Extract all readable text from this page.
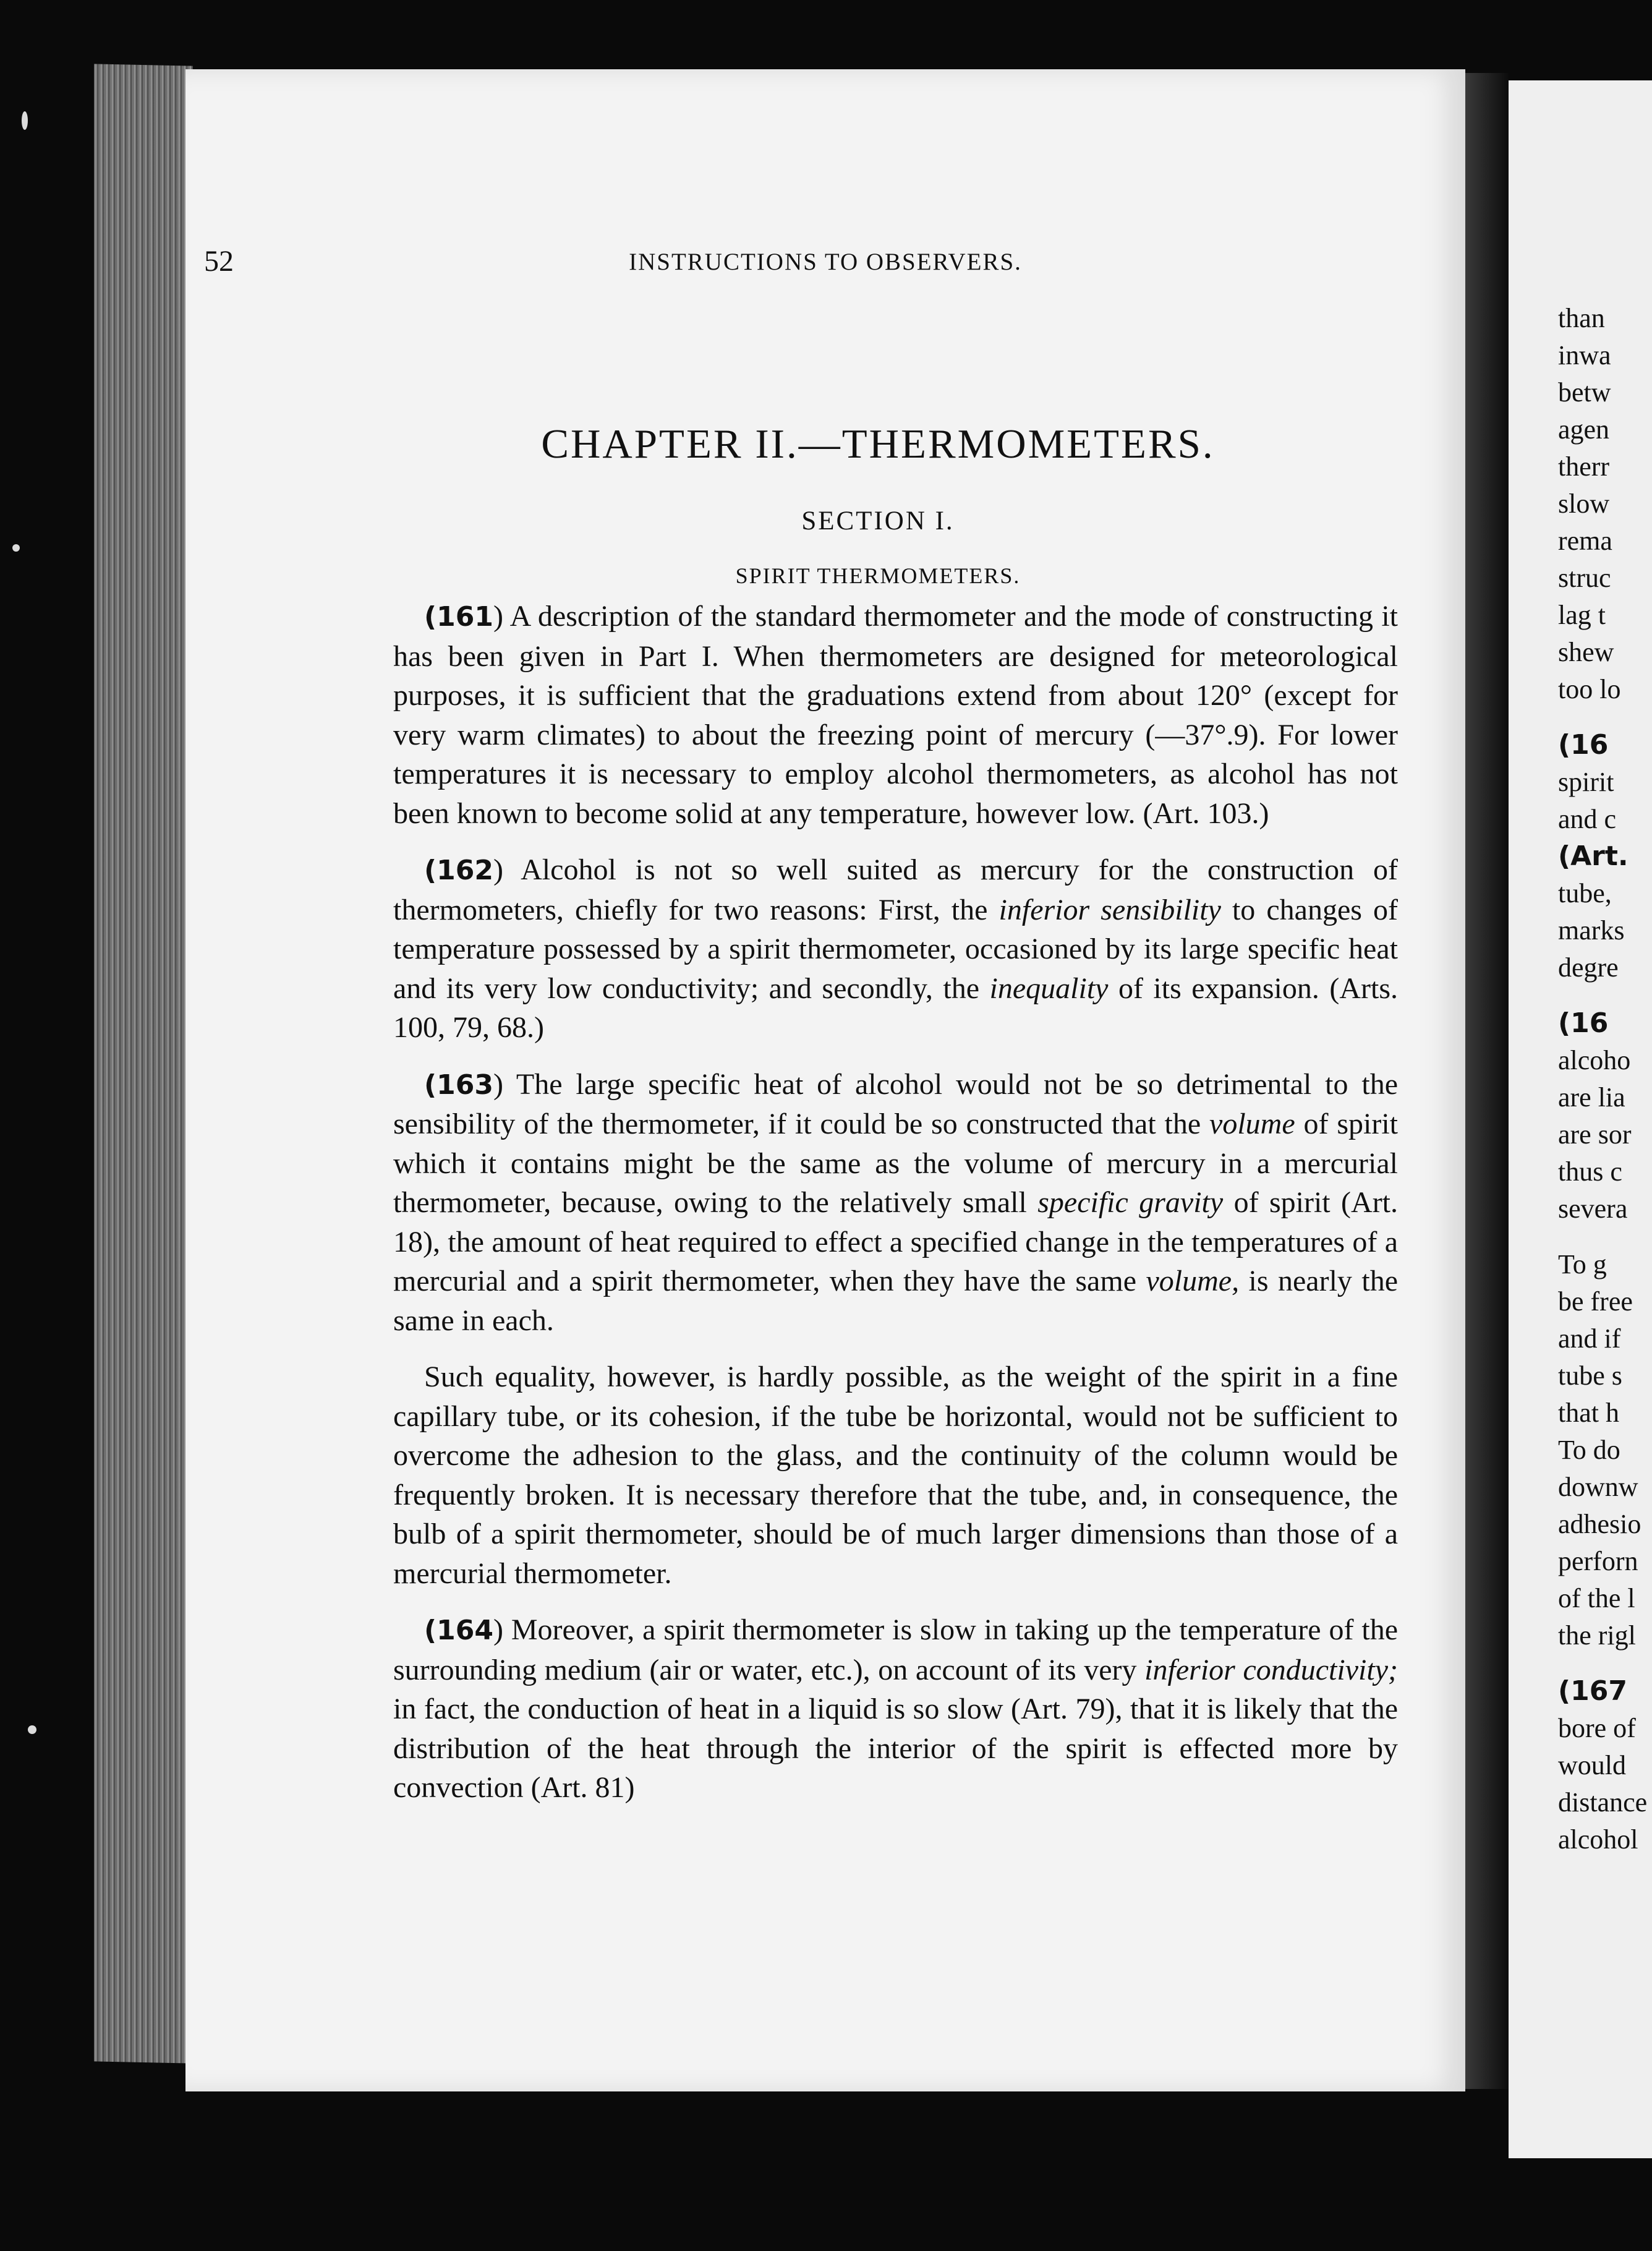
52	INSTRUCTIONS TO OBSERVERS.
CHAPTER II.—THERMOMETERS.
SECTION I.
SPIRIT THERMOMETERS.

(161) A description of the standard thermometer and the mode of constructing it has been given in Part I. When thermometers are designed for meteorological purposes, it is sufficient that the graduations extend from about 120° (except for very warm climates) to about the freezing point of mercury (—37°.9). For lower temperatures it is necessary to employ alcohol thermometers, as alcohol has not been known to become solid at any temperature, however low. (Art. 103.)

(162) Alcohol is not so well suited as mercury for the construction of thermometers, chiefly for two reasons: First, the inferior sensibility to changes of temperature possessed by a spirit thermometer, occasioned by its large specific heat and its very low conductivity; and secondly, the inequality of its expansion. (Arts. 100, 79, 68.)

(163) The large specific heat of alcohol would not be so detrimental to the sensibility of the thermometer, if it could be so constructed that the volume of spirit which it contains might be the same as the volume of mercury in a mercurial thermometer, because, owing to the relatively small specific gravity of spirit (Art. 18), the amount of heat required to effect a specified change in the temperatures of a mercurial and a spirit thermometer, when they have the same volume, is nearly the same in each.

Such equality, however, is hardly possible, as the weight of the spirit in a fine capillary tube, or its cohesion, if the tube be horizontal, would not be sufficient to overcome the adhesion to the glass, and the continuity of the column would be frequently broken. It is necessary therefore that the tube, and, in consequence, the bulb of a spirit thermometer, should be of much larger dimensions than those of a mercurial thermometer.

(164) Moreover, a spirit thermometer is slow in taking up the temperature of the surrounding medium (air or water, etc.), on account of its very inferior conductivity; in fact, the conduction of heat in a liquid is so slow (Art. 79), that it is likely that the distribution of the heat through the interior of the spirit is effected more by convection (Art. 81)

than
inwa
betw
agen
therr
slow
rema
struc
lag t
shew
too lo
(16
spirit
and c
(Art.
tube,
marks
degre
(16
alcoho
are lia
are sor
thus c
severa
To g
be free
and if
tube s
that h
To do
downw
adhesio
perforn
of the l
the rigl
(167
bore of
would
distance
alcohol
